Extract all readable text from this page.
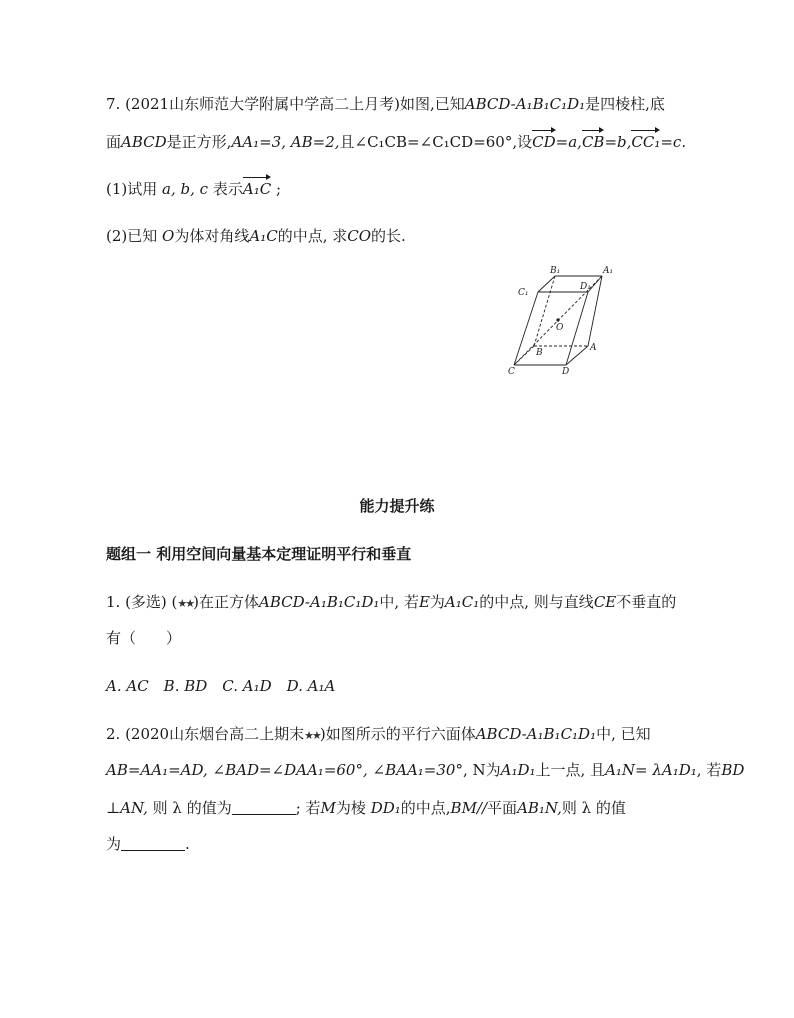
7. (2021山东师范大学附属中学高二上月考)如图,已知ABCD-A₁B₁C₁D₁是四棱柱,底
面ABCD是正方形,AA₁=3, AB=2,且∠C₁CB=∠C₁CD=60°,设CD=a,CB=b,CC₁=c.
(1)试用 a, b, c 表示A₁C ;
(2)已知 O为体对角线A₁C的中点, 求CO的长.
B₁	A₁
C₁
D₁
O
B	A
C	D
能力提升练
题组一 利用空间向量基本定理证明平行和垂直
1. (多选) (★★)在正方体ABCD-A₁B₁C₁D₁中, 若E为A₁C₁的中点, 则与直线CE不垂直的
有（　　）
A. AC　B. BD　C. A₁D　D. A₁A
2. (2020山东烟台高二上期末★★)如图所示的平行六面体ABCD-A₁B₁C₁D₁中, 已知
AB=AA₁=AD, ∠BAD=∠DAA₁=60°, ∠BAA₁=30°, N为A₁D₁上一点, 且A₁N= λA₁D₁, 若BD
⊥AN, 则 λ 的值为	; 若M为棱 DD₁的中点,BM//平面AB₁N,则 λ 的值
为	.
